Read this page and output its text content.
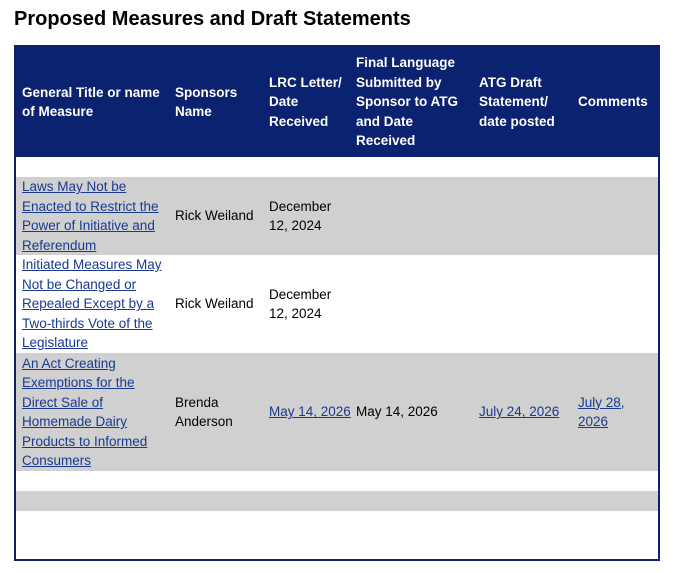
Proposed Measures and Draft Statements
General Title or name of Measure
Sponsors Name
LRC Letter/ Date Received
Final Language Submitted by Sponsor to ATG and Date Received
ATG Draft Statement/ date posted
Comments
Laws May Not be Enacted to Restrict the Power of Initiative and Referendum
Rick Weiland
December 12, 2024
Initiated Measures May Not be Changed or Repealed Except by a Two-thirds Vote of the Legislature
Rick Weiland
December 12, 2024
An Act Creating Exemptions for the Direct Sale of Homemade Dairy Products to Informed Consumers
Brenda Anderson
May 14, 2026 May 14, 2026	July 24, 2026
July 28, 2026
